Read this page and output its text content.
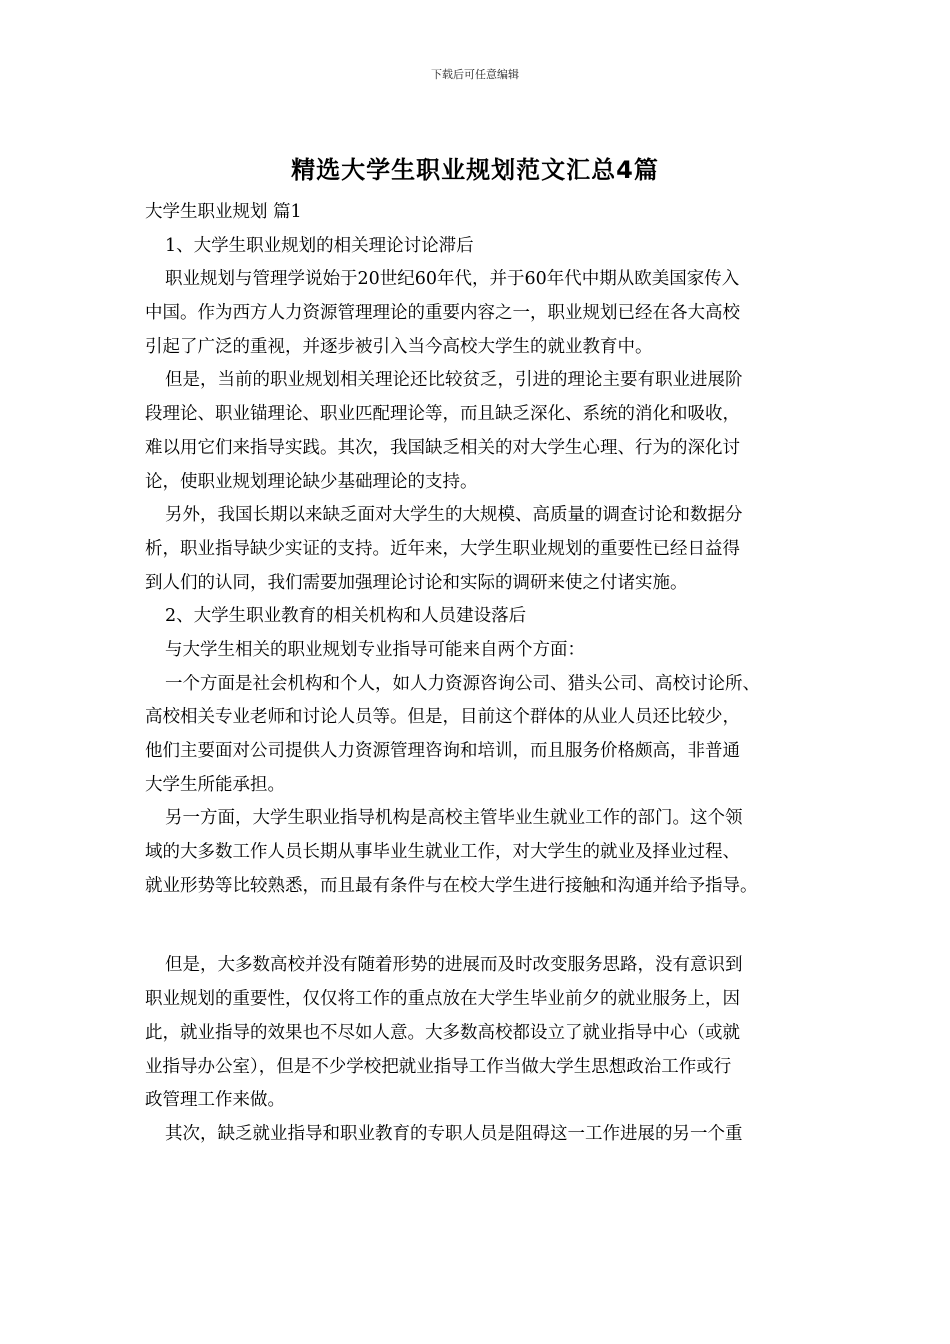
下载后可任意编辑
精选大学生职业规划范文汇总4篇
大学生职业规划 篇1
1、大学生职业规划的相关理论讨论滞后
职业规划与管理学说始于20世纪60年代，并于60年代中期从欧美国家传入
中国。作为西方人力资源管理理论的重要内容之一，职业规划已经在各大高校
引起了广泛的重视，并逐步被引入当今高校大学生的就业教育中。
但是，当前的职业规划相关理论还比较贫乏，引进的理论主要有职业进展阶
段理论、职业锚理论、职业匹配理论等，而且缺乏深化、系统的消化和吸收，
难以用它们来指导实践。其次，我国缺乏相关的对大学生心理、行为的深化讨
论，使职业规划理论缺少基础理论的支持。
另外，我国长期以来缺乏面对大学生的大规模、高质量的调查讨论和数据分
析，职业指导缺少实证的支持。近年来，大学生职业规划的重要性已经日益得
到人们的认同，我们需要加强理论讨论和实际的调研来使之付诸实施。
2、大学生职业教育的相关机构和人员建设落后
与大学生相关的职业规划专业指导可能来自两个方面：
一个方面是社会机构和个人，如人力资源咨询公司、猎头公司、高校讨论所、
高校相关专业老师和讨论人员等。但是，目前这个群体的从业人员还比较少，
他们主要面对公司提供人力资源管理咨询和培训，而且服务价格颇高，非普通
大学生所能承担。
另一方面，大学生职业指导机构是高校主管毕业生就业工作的部门。这个领
域的大多数工作人员长期从事毕业生就业工作，对大学生的就业及择业过程、
就业形势等比较熟悉，而且最有条件与在校大学生进行接触和沟通并给予指导。
但是，大多数高校并没有随着形势的进展而及时改变服务思路，没有意识到
职业规划的重要性，仅仅将工作的重点放在大学生毕业前夕的就业服务上，因
此，就业指导的效果也不尽如人意。大多数高校都设立了就业指导中心（或就
业指导办公室），但是不少学校把就业指导工作当做大学生思想政治工作或行
政管理工作来做。
其次，缺乏就业指导和职业教育的专职人员是阻碍这一工作进展的另一个重
